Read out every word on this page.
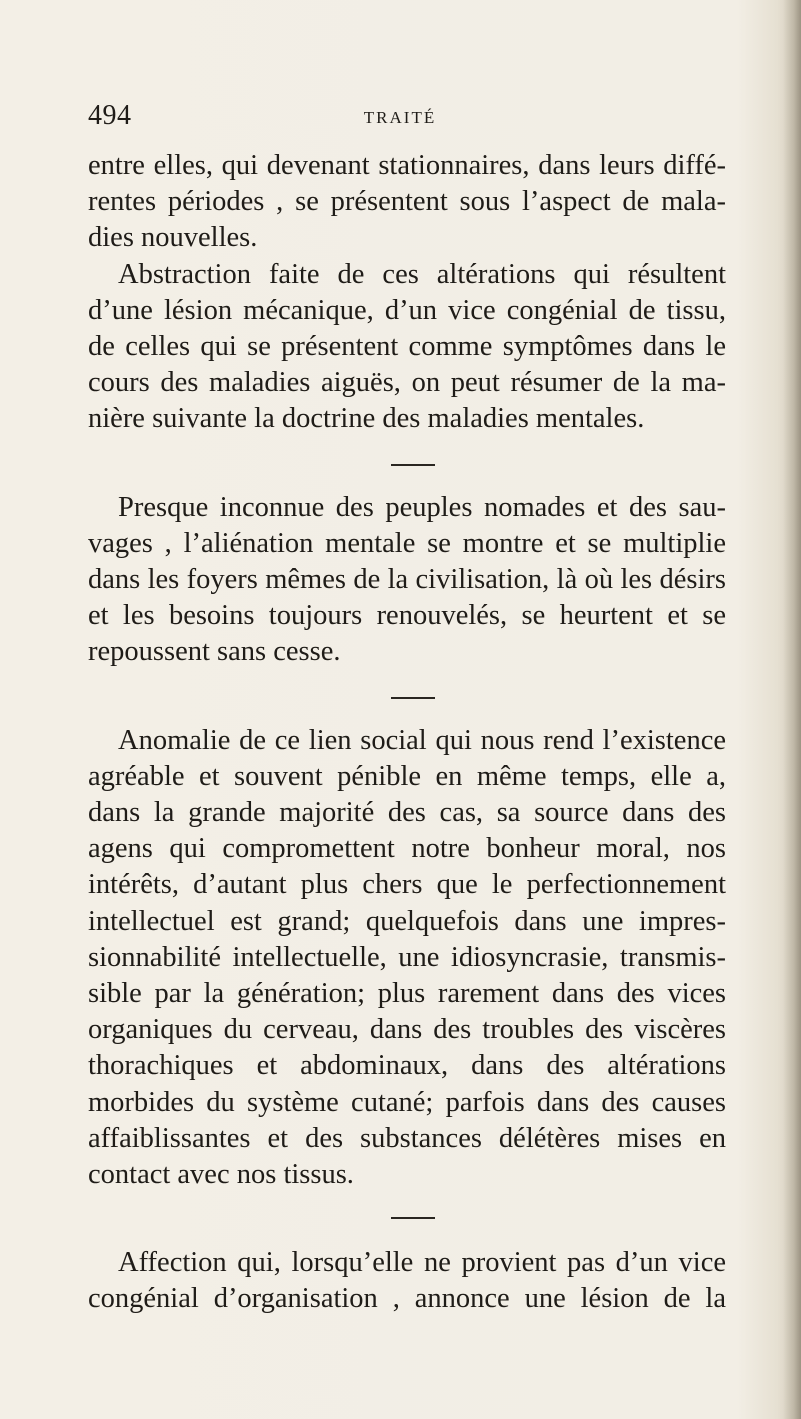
494	TRAITÉ

entre elles, qui devenant stationnaires, dans leurs diffé-
rentes périodes , se présentent sous l’aspect de mala-
dies nouvelles.

Abstraction faite de ces altérations qui résultent
d’une lésion mécanique, d’un vice congénial de tissu,
de celles qui se présentent comme symptômes dans le
cours des maladies aiguës, on peut résumer de la ma-
nière suivante la doctrine des maladies mentales.

Presque inconnue des peuples nomades et des sau-
vages , l’aliénation mentale se montre et se multiplie
dans les foyers mêmes de la civilisation, là où les désirs
et les besoins toujours renouvelés, se heurtent et se
repoussent sans cesse.

Anomalie de ce lien social qui nous rend l’existence
agréable et souvent pénible en même temps, elle a,
dans la grande majorité des cas, sa source dans des
agens qui compromettent notre bonheur moral, nos
intérêts, d’autant plus chers que le perfectionnement
intellectuel est grand; quelquefois dans une impres-
sionnabilité intellectuelle, une idiosyncrasie, transmis-
sible par la génération; plus rarement dans des vices
organiques du cerveau, dans des troubles des viscères
thorachiques et abdominaux, dans des altérations
morbides du système cutané; parfois dans des causes
affaiblissantes et des substances délétères mises en
contact avec nos tissus.

Affection qui, lorsqu’elle ne provient pas d’un vice
congénial d’organisation , annonce une lésion de la
